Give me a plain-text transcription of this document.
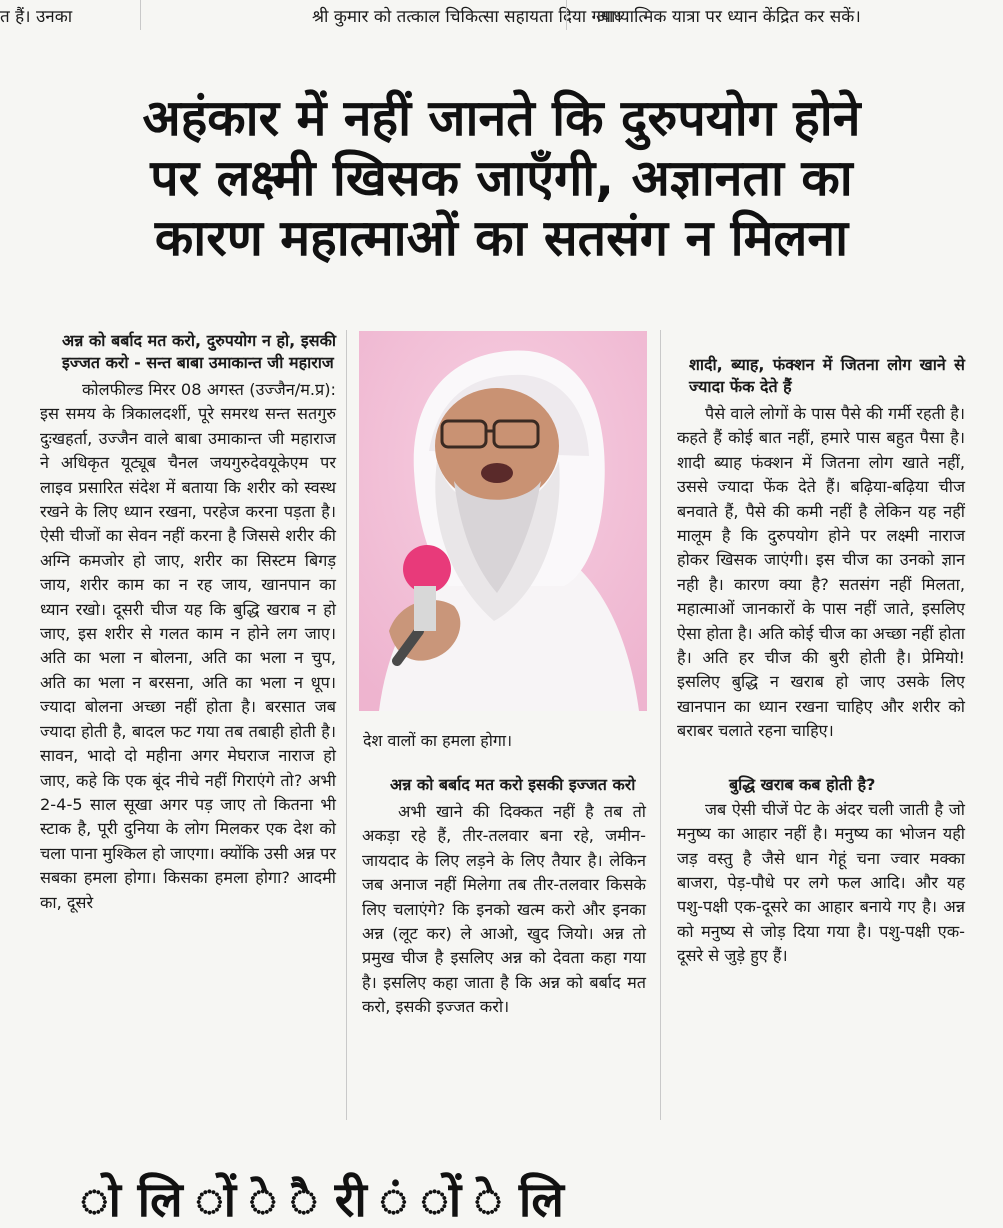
त हैं। उनका	श्री कुमार को तत्काल चिकित्सा सहायता दिया गया।
आध्यात्मिक यात्रा पर ध्यान केंद्रित कर सकें।
अहंकार में नहीं जानते कि दुरुपयोग होने
पर लक्ष्मी खिसक जाएँगी, अज्ञानता का
कारण महात्माओं का सतसंग न मिलना

अन्न को बर्बाद मत करो, दुरुपयोग न हो, इसकी इज्जत करो - सन्त बाबा उमाकान्त जी महाराज

कोलफील्ड मिरर 08 अगस्त (उज्जैन/म.प्र): इस समय के त्रिकालदर्शी, पूरे समरथ सन्त सतगुरु दुःखहर्ता, उज्जैन वाले बाबा उमाकान्त जी महाराज ने अधिकृत यूट्यूब चैनल जयगुरुदेवयूकेएम पर लाइव प्रसारित संदेश में बताया कि शरीर को स्वस्थ रखने के लिए ध्यान रखना, परहेज करना पड़ता है। ऐसी चीजों का सेवन नहीं करना है जिससे शरीर की अग्नि कमजोर हो जाए, शरीर का सिस्टम बिगड़ जाय, शरीर काम का न रह जाय, खानपान का ध्यान रखो। दूसरी चीज यह कि बुद्धि खराब न हो जाए, इस शरीर से गलत काम न होने लग जाए। अति का भला न बोलना, अति का भला न चुप, अति का भला न बरसना, अति का भला न धूप। ज्यादा बोलना अच्छा नहीं होता है। बरसात जब ज्यादा होती है, बादल फट गया तब तबाही होती है। सावन, भादो दो महीना अगर मेघराज नाराज हो जाए, कहे कि एक बूंद नीचे नहीं गिराएंगे तो? अभी 2-4-5 साल सूखा अगर पड़ जाए तो कितना भी स्टाक है, पूरी दुनिया के लोग मिलकर एक देश को चला पाना मुश्किल हो जाएगा। क्योंकि उसी अन्न पर सबका हमला होगा। किसका हमला होगा? आदमी का, दूसरे

देश वालों का हमला होगा।

अन्न को बर्बाद मत करो इसकी इज्जत करो

अभी खाने की दिक्कत नहीं है तब तो अकड़ा रहे हैं, तीर-तलवार बना रहे, जमीन-जायदाद के लिए लड़ने के लिए तैयार है। लेकिन जब अनाज नहीं मिलेगा तब तीर-तलवार किसके लिए चलाएंगे? कि इनको खत्म करो और इनका अन्न (लूट कर) ले आओ, खुद जियो। अन्न तो प्रमुख चीज है इसलिए अन्न को देवता कहा गया है। इसलिए कहा जाता है कि अन्न को बर्बाद मत करो, इसकी इज्जत करो।

शादी, ब्याह, फंक्शन में जितना लोग खाने से ज्यादा फेंक देते हैं

पैसे वाले लोगों के पास पैसे की गर्मी रहती है। कहते हैं कोई बात नहीं, हमारे पास बहुत पैसा है। शादी ब्याह फंक्शन में जितना लोग खाते नहीं, उससे ज्यादा फेंक देते हैं। बढ़िया-बढ़िया चीज बनवाते हैं, पैसे की कमी नहीं है लेकिन यह नहीं मालूम है कि दुरुपयोग होने पर लक्ष्मी नाराज होकर खिसक जाएंगी। इस चीज का उनको ज्ञान नही है। कारण क्या है? सतसंग नहीं मिलता, महात्माओं जानकारों के पास नहीं जाते, इसलिए ऐसा होता है। अति कोई चीज का अच्छा नहीं होता है। अति हर चीज की बुरी होती है। प्रेमियो! इसलिए बुद्धि न खराब हो जाए उसके लिए खानपान का ध्यान रखना चाहिए और शरीर को बराबर चलाते रहना चाहिए।

बुद्धि खराब कब होती है?

जब ऐसी चीजें पेट के अंदर चली जाती है जो मनुष्य का आहार नहीं है। मनुष्य का भोजन यही जड़ वस्तु है जैसे धान गेहूं चना ज्वार मक्का बाजरा, पेड़-पौधे पर लगे फल आदि। और यह पशु-पक्षी एक-दूसरे का आहार बनाये गए है। अन्न को मनुष्य से जोड़ दिया गया है। पशु-पक्षी एक-दूसरे से जुड़े हुए हैं।

ो लि ों े ै री ं ों े लि
